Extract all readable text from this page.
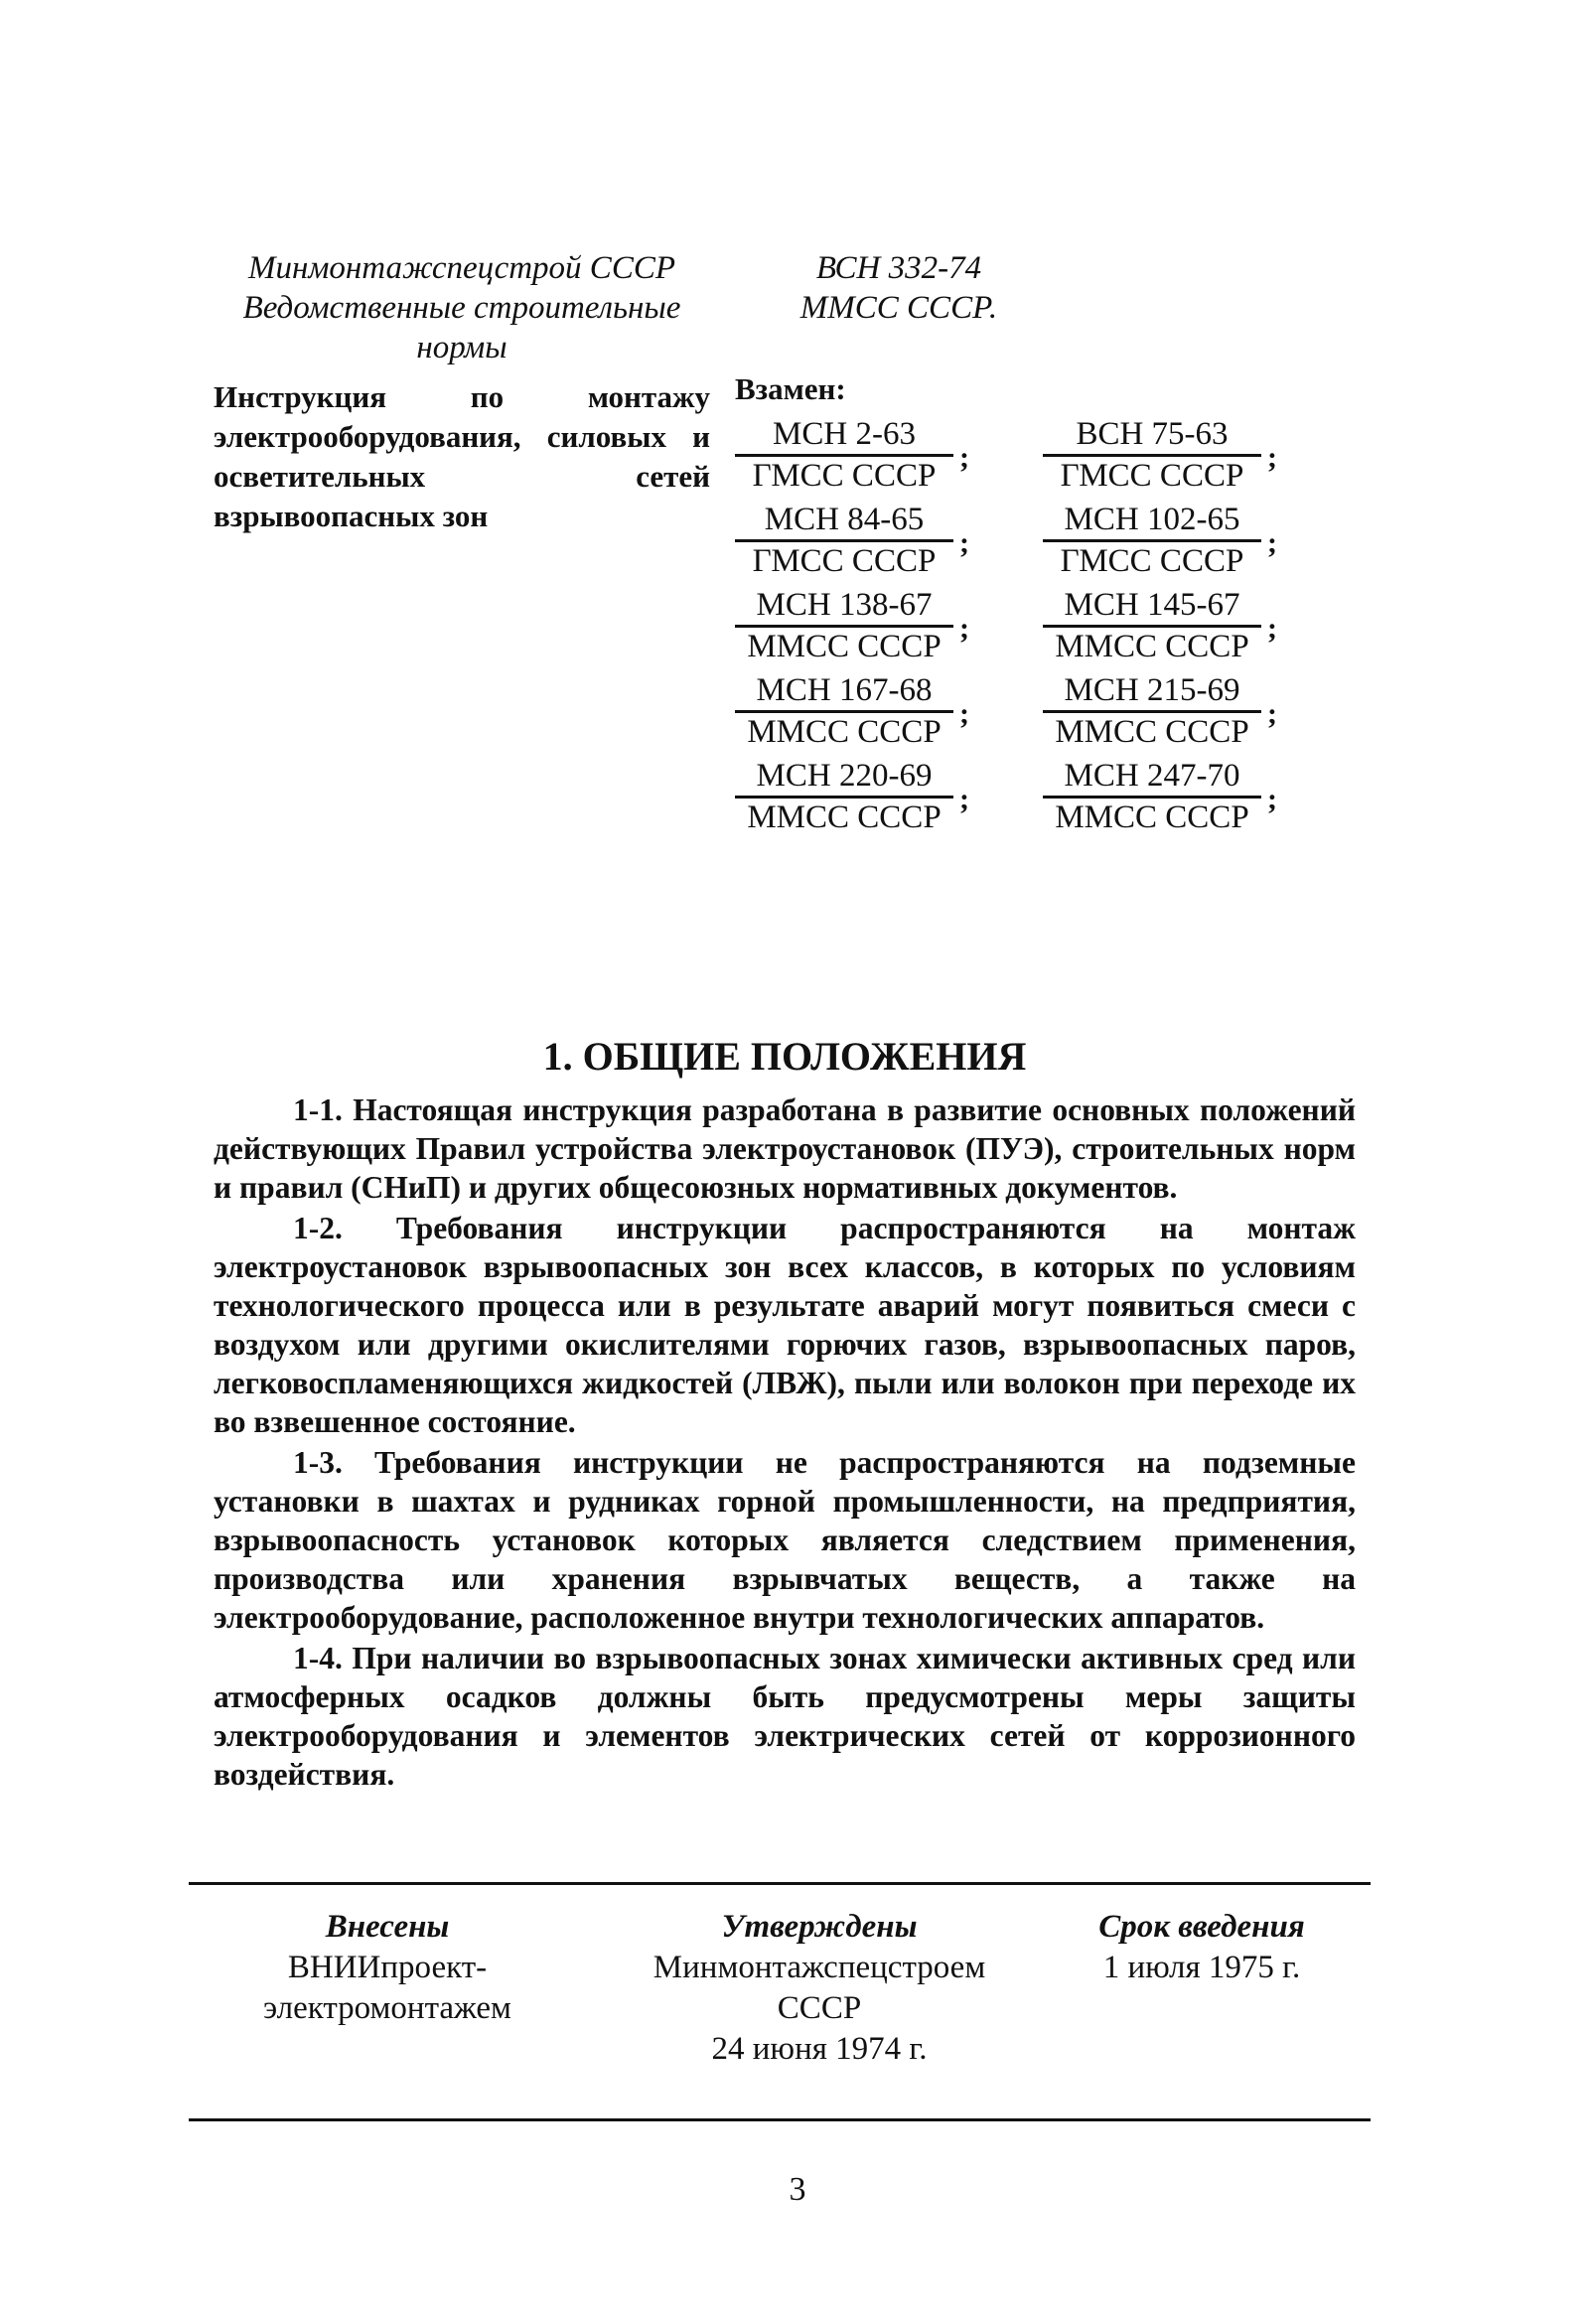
Минмонтажспецстрой СССР

Ведомственные строительные

нормы

Инструкция по монтажу электрооборудования, силовых и осветительных сетей взрывоопасных зон

ВСН 332-74
ММСС СССР.
Взамен:
МСН 2-63
ГМСС СССР
;
ВСН 75-63
ГМСС СССР
;
МСН 84-65
ГМСС СССР
;
МСН 102-65
ГМСС СССР
;
МСН 138-67
ММСС СССР
;
МСН 145-67
ММСС СССР
;
МСН 167-68
ММСС СССР
;
МСН 215-69
ММСС СССР
;
МСН 220-69
ММСС СССР
;
МСН 247-70
ММСС СССР
;
1. ОБЩИЕ ПОЛОЖЕНИЯ

1-1. Настоящая инструкция разработана в развитие основных положений действующих Правил устройства электроустановок (ПУЭ), строительных норм и правил (СНиП) и других общесоюзных нормативных документов.

1-2. Требования инструкции распространяются на монтаж электроустановок взрывоопасных зон всех классов, в которых по условиям технологического процесса или в результате аварий могут появиться смеси с воздухом или другими окислителями горючих газов, взрывоопасных паров, легковоспламеняющихся жидкостей (ЛВЖ), пыли или волокон при переходе их во взвешенное состояние.

1-3. Требования инструкции не распространяются на подземные установки в шахтах и рудниках горной промышленности, на предприятия, взрывоопасность установок которых является следствием применения, производства или хранения взрывчатых веществ, а также на электрооборудование, расположенное внутри технологических аппаратов.

1-4. При наличии во взрывоопасных зонах химически активных сред или атмосферных осадков должны быть предусмотрены меры защиты электрооборудования и элементов электрических сетей от коррозионного воздействия.

Внесены
ВНИИпроект-
электромонтажем
Утверждены
Минмонтажспецстроем
СССР
24 июня 1974 г.
Срок введения
1 июля 1975 г.
3
